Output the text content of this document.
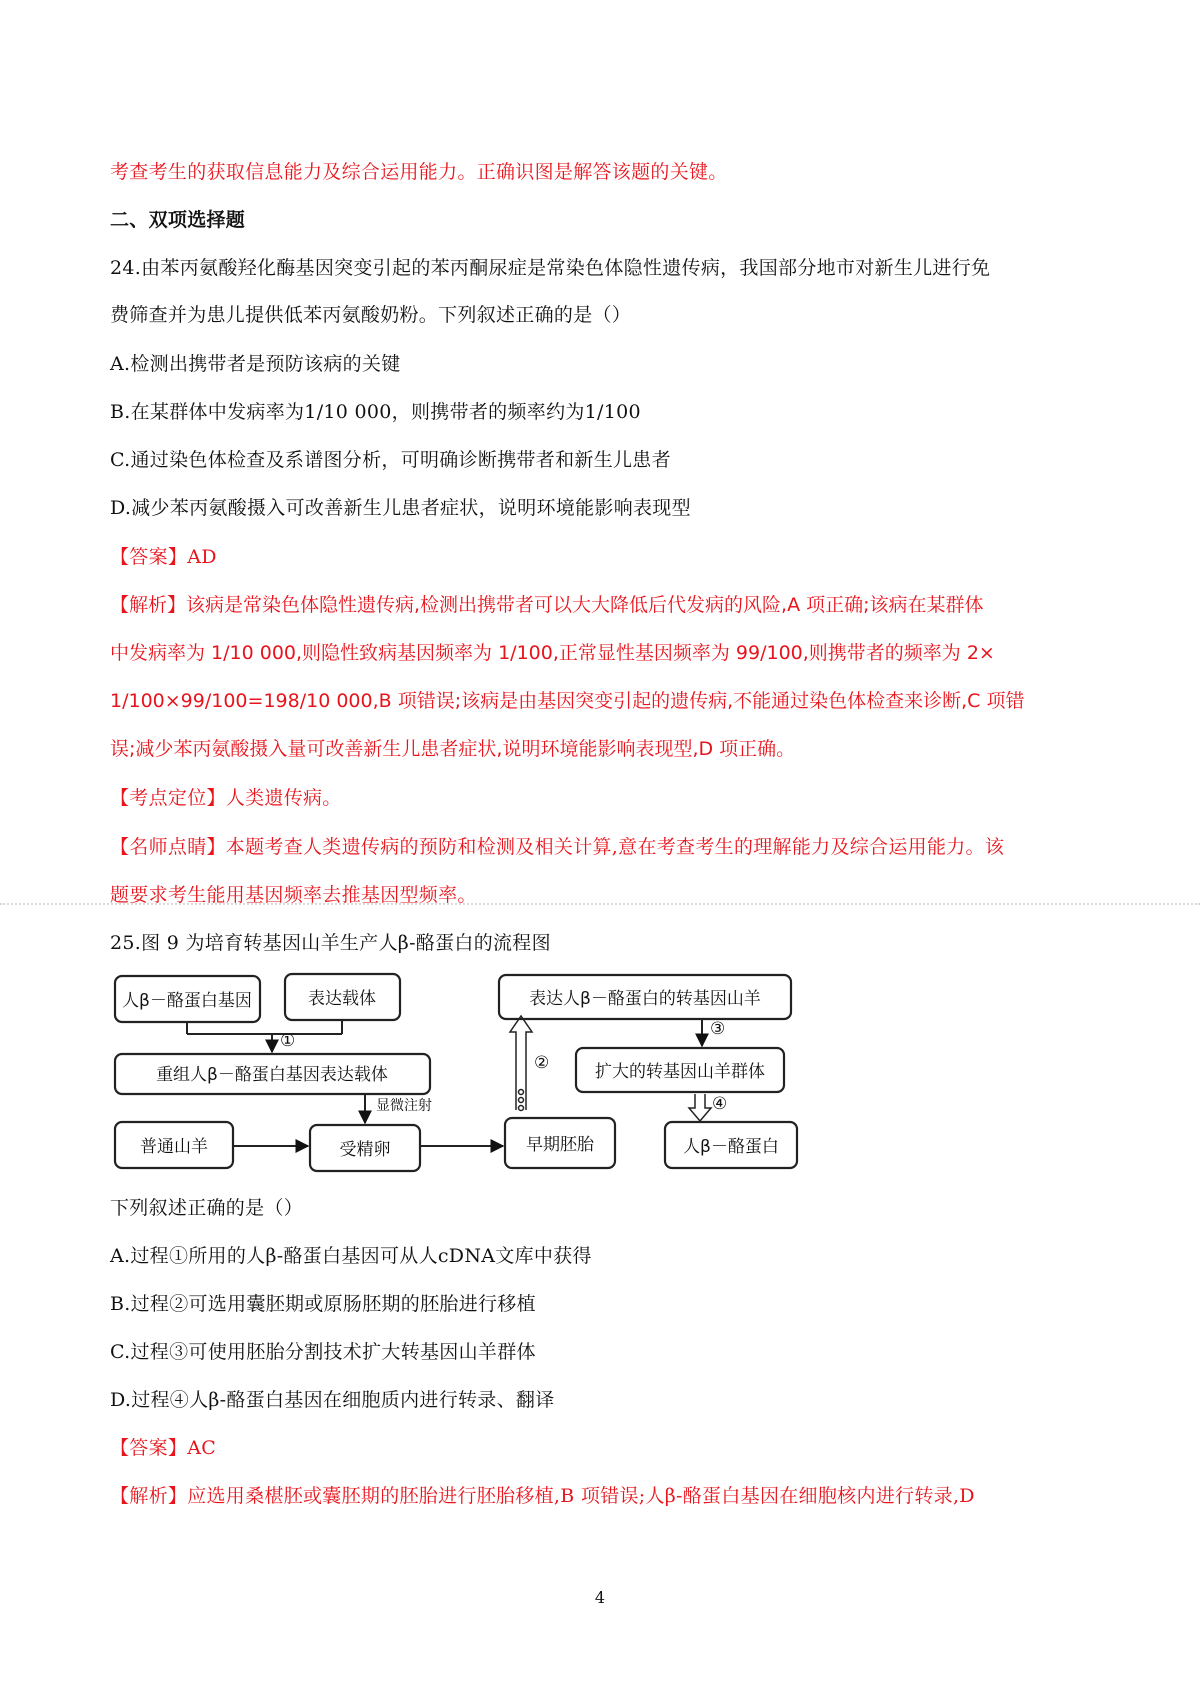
考查考生的获取信息能力及综合运用能力。正确识图是解答该题的关键。
二、双项选择题
24.由苯丙氨酸羟化酶基因突变引起的苯丙酮尿症是常染色体隐性遗传病，我国部分地市对新生儿进行免
费筛查并为患儿提供低苯丙氨酸奶粉。下列叙述正确的是（）
A.检测出携带者是预防该病的关键
B.在某群体中发病率为1/10 000，则携带者的频率约为1/100
C.通过染色体检查及系谱图分析，可明确诊断携带者和新生儿患者
D.减少苯丙氨酸摄入可改善新生儿患者症状，说明环境能影响表现型
【答案】AD
【解析】该病是常染色体隐性遗传病,检测出携带者可以大大降低后代发病的风险,A 项正确;该病在某群体
中发病率为 1/10 000,则隐性致病基因频率为 1/100,正常显性基因频率为 99/100,则携带者的频率为 2×
1/100×99/100=198/10 000,B 项错误;该病是由基因突变引起的遗传病,不能通过染色体检查来诊断,C 项错
误;减少苯丙氨酸摄入量可改善新生儿患者症状,说明环境能影响表现型,D 项正确。
【考点定位】人类遗传病。
【名师点睛】本题考查人类遗传病的预防和检测及相关计算,意在考查考生的理解能力及综合运用能力。该
题要求考生能用基因频率去推基因型频率。
25.图 9 为培育转基因山羊生产人β-酪蛋白的流程图
人β－酪蛋白基因	表达载体
重组人β－酪蛋白基因表达载体
普通山羊	受精卵	早期胚胎
表达人β－酪蛋白的转基因山羊
扩大的转基因山羊群体
人β－酪蛋白
①
②
③
④
显微注射
下列叙述正确的是（）
A.过程①所用的人β-酪蛋白基因可从人cDNA文库中获得
B.过程②可选用囊胚期或原肠胚期的胚胎进行移植
C.过程③可使用胚胎分割技术扩大转基因山羊群体
D.过程④人β-酪蛋白基因在细胞质内进行转录、翻译
【答案】AC
【解析】应选用桑椹胚或囊胚期的胚胎进行胚胎移植,B 项错误;人β-酪蛋白基因在细胞核内进行转录,D
4
